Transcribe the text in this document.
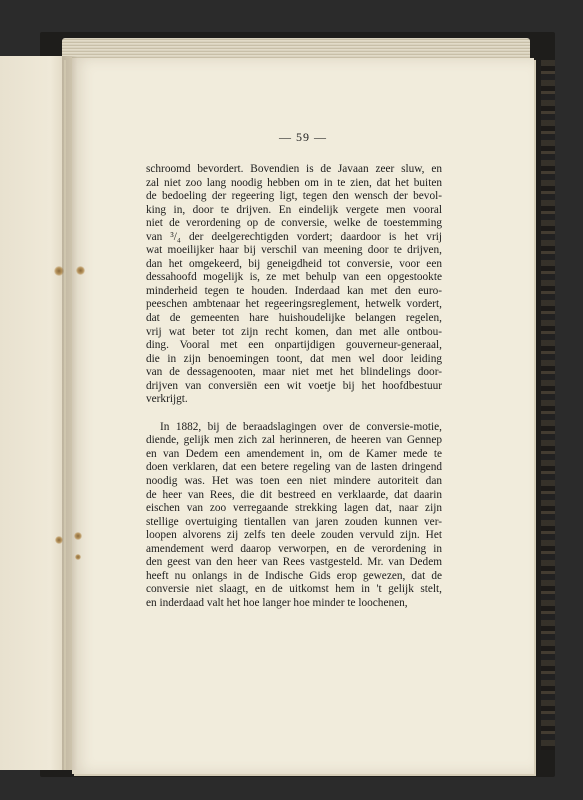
— 59 —
schroomd bevordert. Bovendien is de Javaan zeer sluw, en
zal niet zoo lang noodig hebben om in te zien, dat het buiten
de bedoeling der regeering ligt, tegen den wensch der bevol-
king in, door te drijven. En eindelijk vergete men vooral
niet de verordening op de conversie, welke de toestemming
van ³/₄ der deelgerechtigden vordert; daardoor is het vrij
wat moeilijker haar bij verschil van meening door te drijven,
dan het omgekeerd, bij geneigdheid tot conversie, voor een
dessahoofd mogelijk is, ze met behulp van een opgestookte
minderheid tegen te houden. Inderdaad kan met den euro-
peeschen ambtenaar het regeeringsreglement, hetwelk vordert,
dat de gemeenten hare huishoudelijke belangen regelen,
vrij wat beter tot zijn recht komen, dan met alle ontbou-
ding. Vooral met een onpartijdigen gouverneur-generaal,
die in zijn benoemingen toont, dat men wel door leiding
van de dessagenooten, maar niet met het blindelings door-
drijven van conversiën een wit voetje bij het hoofdbestuur
verkrijgt.
In 1882, bij de beraadslagingen over de conversie-motie,
diende, gelijk men zich zal herinneren, de heeren van Gennep
en van Dedem een amendement in, om de Kamer mede te
doen verklaren, dat een betere regeling van de lasten dringend
noodig was. Het was toen een niet mindere autoriteit dan
de heer van Rees, die dit bestreed en verklaarde, dat daarin
eischen van zoo verregaande strekking lagen dat, naar zijn
stellige overtuiging tientallen van jaren zouden kunnen ver-
loopen alvorens zij zelfs ten deele zouden vervuld zijn. Het
amendement werd daarop verworpen, en de verordening in
den geest van den heer van Rees vastgesteld. Mr. van Dedem
heeft nu onlangs in de Indische Gids erop gewezen, dat de
conversie niet slaagt, en de uitkomst hem in 't gelijk stelt,
en inderdaad valt het hoe langer hoe minder te loochenen,
